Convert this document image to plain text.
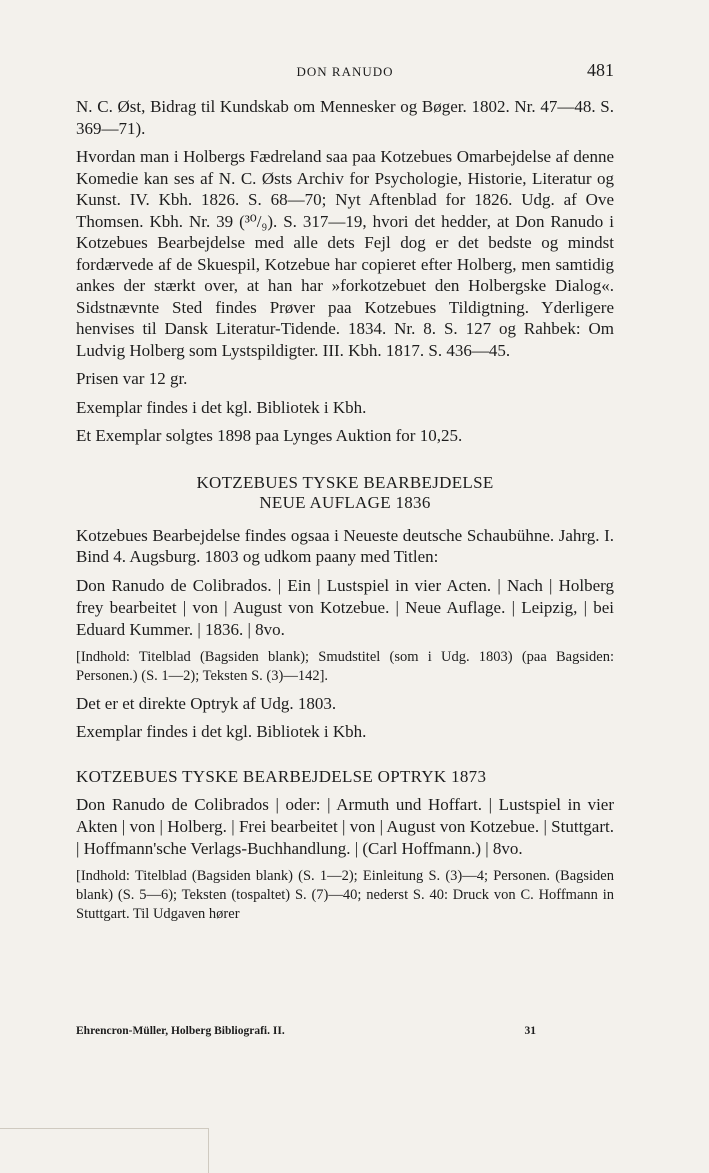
DON RANUDO	481

N. C. Øst, Bidrag til Kundskab om Mennesker og Bøger. 1802. Nr. 47—48. S. 369—71).

Hvordan man i Holbergs Fædreland saa paa Kotzebues Omarbejdelse af denne Komedie kan ses af N. C. Østs Archiv for Psychologie, Historie, Literatur og Kunst. IV. Kbh. 1826. S. 68—70; Nyt Aftenblad for 1826. Udg. af Ove Thomsen. Kbh. Nr. 39 (³⁰/₉). S. 317—19, hvori det hedder, at Don Ranudo i Kotzebues Bearbejdelse med alle dets Fejl dog er det bedste og mindst fordærvede af de Skuespil, Kotzebue har copieret efter Holberg, men samtidig ankes der stærkt over, at han har »forkotzebuet den Holbergske Dialog«. Sidstnævnte Sted findes Prøver paa Kotzebues Tildigtning. Yderligere henvises til Dansk Literatur-Tidende. 1834. Nr. 8. S. 127 og Rahbek: Om Ludvig Holberg som Lystspildigter. III. Kbh. 1817. S. 436—45.

Prisen var 12 gr.

Exemplar findes i det kgl. Bibliotek i Kbh.

Et Exemplar solgtes 1898 paa Lynges Auktion for 10,25.

KOTZEBUES TYSKE BEARBEJDELSE
NEUE AUFLAGE 1836

Kotzebues Bearbejdelse findes ogsaa i Neueste deutsche Schaubühne. Jahrg. I. Bind 4. Augsburg. 1803 og udkom paany med Titlen:

Don Ranudo de Colibrados. | Ein | Lustspiel in vier Acten. | Nach | Holberg frey bearbeitet | von | August von Kotzebue. | Neue Auflage. | Leipzig, | bei Eduard Kummer. | 1836. | 8vo.

[Indhold: Titelblad (Bagsiden blank); Smudstitel (som i Udg. 1803) (paa Bagsiden: Personen.) (S. 1—2); Teksten S. (3)—142].

Det er et direkte Optryk af Udg. 1803.

Exemplar findes i det kgl. Bibliotek i Kbh.

KOTZEBUES TYSKE BEARBEJDELSE OPTRYK 1873

Don Ranudo de Colibrados | oder: | Armuth und Hoffart. | Lustspiel in vier Akten | von | Holberg. | Frei bearbeitet | von | August von Kotzebue. | Stuttgart. | Hoffmann'sche Verlags-Buchhandlung. | (Carl Hoffmann.) | 8vo.

[Indhold: Titelblad (Bagsiden blank) (S. 1—2); Einleitung S. (3)—4; Personen. (Bagsiden blank) (S. 5—6); Teksten (tospaltet) S. (7)—40; nederst S. 40: Druck von C. Hoffmann in Stuttgart. Til Udgaven hører

Ehrencron-Müller, Holberg Bibliografi. II.	31
